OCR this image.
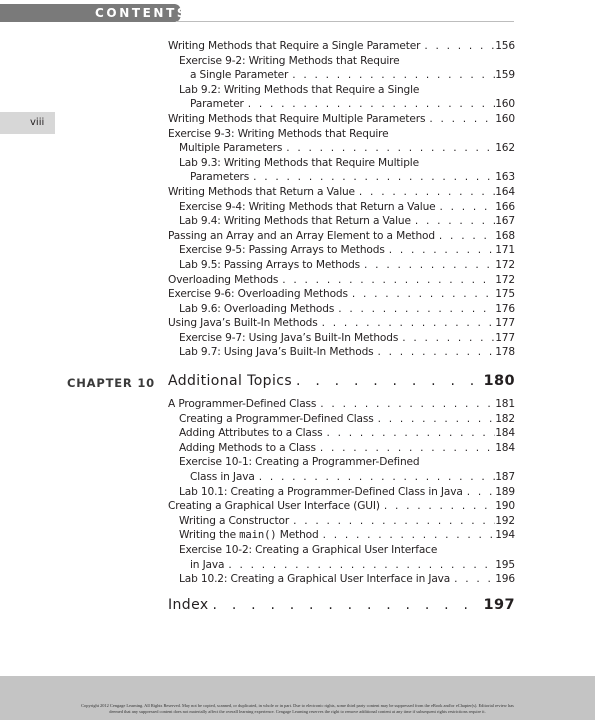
CONTENTS
viii
Writing Methods that Require a Single Parameter . . .	156
Exercise 9-2: Writing Methods that Require
a Single Parameter . . .	159
Lab 9.2: Writing Methods that Require a Single
Parameter . . .	160
Writing Methods that Require Multiple Parameters . . .	160
Exercise 9-3: Writing Methods that Require
Multiple Parameters . . .	162
Lab 9.3: Writing Methods that Require Multiple
Parameters . . .	163
Writing Methods that Return a Value . . .	164
Exercise 9-4: Writing Methods that Return a Value . . .	166
Lab 9.4: Writing Methods that Return a Value . . .	167
Passing an Array and an Array Element to a Method . . .	168
Exercise 9-5: Passing Arrays to Methods . . .	171
Lab 9.5: Passing Arrays to Methods . . .	172
Overloading Methods . . .	172
Exercise 9-6: Overloading Methods . . .	175
Lab 9.6: Overloading Methods . . .	176
Using Java’s Built-In Methods . . .	177
Exercise 9-7: Using Java’s Built-In Methods . . .	177
Lab 9.7: Using Java’s Built-In Methods . . .	178
CHAPTER 10 Additional Topics . . .	180
A Programmer-Defined Class . . .	181
Creating a Programmer-Defined Class . . .	182
Adding Attributes to a Class . . .	184
Adding Methods to a Class . . .	184
Exercise 10-1: Creating a Programmer-Defined
Class in Java . . .	187
Lab 10.1: Creating a Programmer-Defined Class in Java . . .	189
Creating a Graphical User Interface (GUI) . . .	190
Writing a Constructor . . .	192
Writing the main() Method . . .	194
Exercise 10-2: Creating a Graphical User Interface
in Java . . .	195
Lab 10.2: Creating a Graphical User Interface in Java . . .	196
Index . . .	197
Copyright 2012 Cengage Learning. All Rights Reserved. May not be copied, scanned, or duplicated, in whole or in part. Due to electronic rights, some third party content may be suppressed from the eBook and/or eChapter(s). Editorial review has
deemed that any suppressed content does not materially affect the overall learning experience. Cengage Learning reserves the right to remove additional content at any time if subsequent rights restrictions require it.
